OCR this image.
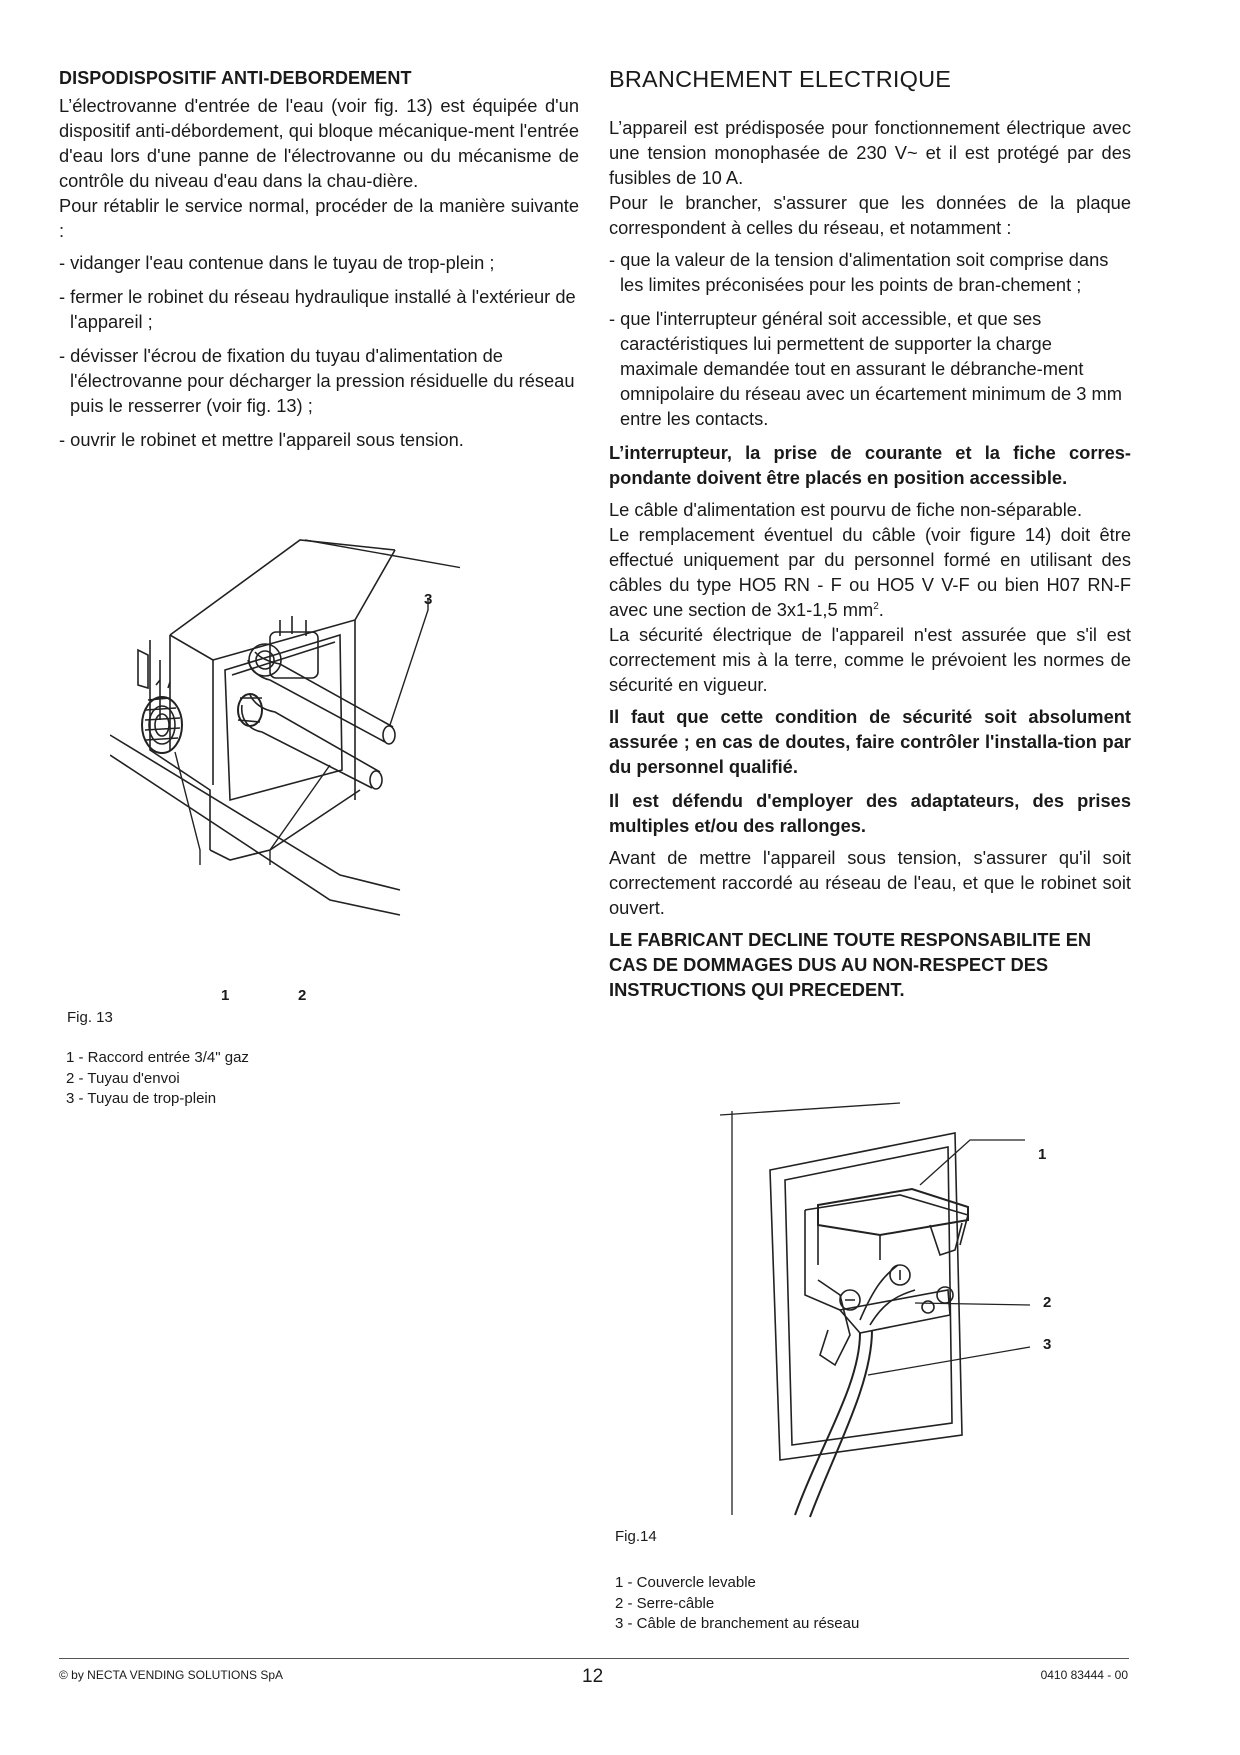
DISPODISPOSITIF ANTI-DEBORDEMENT

L’électrovanne d'entrée de l'eau (voir fig. 13) est équipée d'un dispositif anti-débordement, qui bloque mécanique-ment l'entrée d'eau lors d'une panne de l'électrovanne ou du mécanisme de contrôle du niveau d'eau dans la chau-dière.

Pour rétablir le service normal, procéder de la manière suivante :

- vidanger l'eau contenue dans le tuyau de trop-plein ;

- fermer le robinet du réseau hydraulique installé à l'extérieur de l'appareil ;

- dévisser l'écrou de fixation du tuyau d'alimentation de l'électrovanne pour décharger la pression résiduelle du réseau puis le resserrer (voir fig. 13) ;

- ouvrir le robinet et mettre l'appareil sous tension.

3
1	2
Fig. 13
1 - Raccord entrée 3/4" gaz
2 - Tuyau d'envoi
3 - Tuyau de trop-plein
BRANCHEMENT ELECTRIQUE

L’appareil est prédisposée pour fonctionnement électrique avec une tension monophasée de 230 V~ et il est protégé par des fusibles de 10 A.

Pour le brancher, s'assurer que les données de la plaque correspondent à celles du réseau, et notamment :

- que la valeur de la tension d'alimentation soit comprise dans les limites préconisées pour les points de bran-chement ;

- que l'interrupteur général soit accessible, et que ses caractéristiques lui permettent de supporter la charge maximale demandée tout en assurant le débranche-ment omnipolaire du réseau avec un écartement minimum de 3 mm entre les contacts.

L’interrupteur, la prise de courante et la fiche corres-pondante doivent être placés en position accessible.

Le câble d'alimentation est pourvu de fiche non-séparable.

Le remplacement éventuel du câble (voir figure 14) doit être effectué uniquement par du personnel formé en utilisant des câbles du type HO5 RN - F ou HO5 V V-F ou bien H07 RN-F avec une section de 3x1-1,5 $mm^2$.

La sécurité électrique de l'appareil n'est assurée que s'il est correctement mis à la terre, comme le prévoient les normes de sécurité en vigueur.

Il faut que cette condition de sécurité soit absolument assurée ; en cas de doutes, faire contrôler l'installa-tion par du personnel qualifié.

Il est défendu d'employer des adaptateurs, des prises multiples et/ou des rallonges.

Avant de mettre l'appareil sous tension, s'assurer qu'il soit correctement raccordé au réseau de l'eau, et que le robinet soit ouvert.

LE FABRICANT DECLINE TOUTE RESPONSABILITE EN CAS DE DOMMAGES DUS AU NON-RESPECT DES INSTRUCTIONS QUI PRECEDENT.

1
2
3
Fig.14
1 - Couvercle levable
2 - Serre-câble
3 - Câble de branchement au réseau
© by NECTA VENDING SOLUTIONS SpA	12	0410 83444 - 00
